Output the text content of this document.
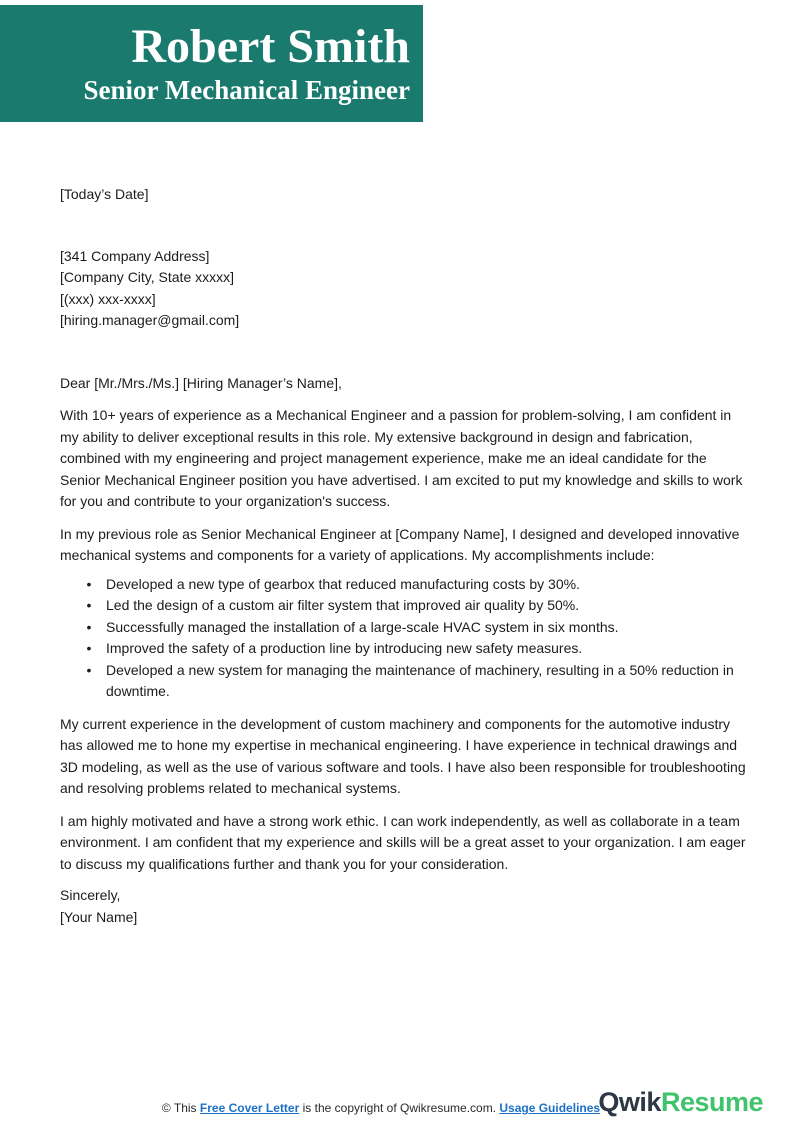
Robert Smith
Senior Mechanical Engineer
[Today’s Date]
[341 Company Address]
[Company City, State xxxxx]
[(xxx) xxx-xxxx]
[hiring.manager@gmail.com]
Dear [Mr./Mrs./Ms.] [Hiring Manager’s Name],
With 10+ years of experience as a Mechanical Engineer and a passion for problem-solving, I am confident in my ability to deliver exceptional results in this role. My extensive background in design and fabrication, combined with my engineering and project management experience, make me an ideal candidate for the Senior Mechanical Engineer position you have advertised. I am excited to put my knowledge and skills to work for you and contribute to your organization's success.
In my previous role as Senior Mechanical Engineer at [Company Name], I designed and developed innovative mechanical systems and components for a variety of applications. My accomplishments include:
•	Developed a new type of gearbox that reduced manufacturing costs by 30%.
•	Led the design of a custom air filter system that improved air quality by 50%.
•	Successfully managed the installation of a large-scale HVAC system in six months.
•	Improved the safety of a production line by introducing new safety measures.
•	Developed a new system for managing the maintenance of machinery, resulting in a 50% reduction in downtime.
My current experience in the development of custom machinery and components for the automotive industry has allowed me to hone my expertise in mechanical engineering. I have experience in technical drawings and 3D modeling, as well as the use of various software and tools. I have also been responsible for troubleshooting and resolving problems related to mechanical systems.
I am highly motivated and have a strong work ethic. I can work independently, as well as collaborate in a team environment. I am confident that my experience and skills will be a great asset to your organization. I am eager to discuss my qualifications further and thank you for your consideration.
Sincerely,
[Your Name]
© This Free Cover Letter is the copyright of Qwikresume.com. Usage Guidelines
QwikResume
